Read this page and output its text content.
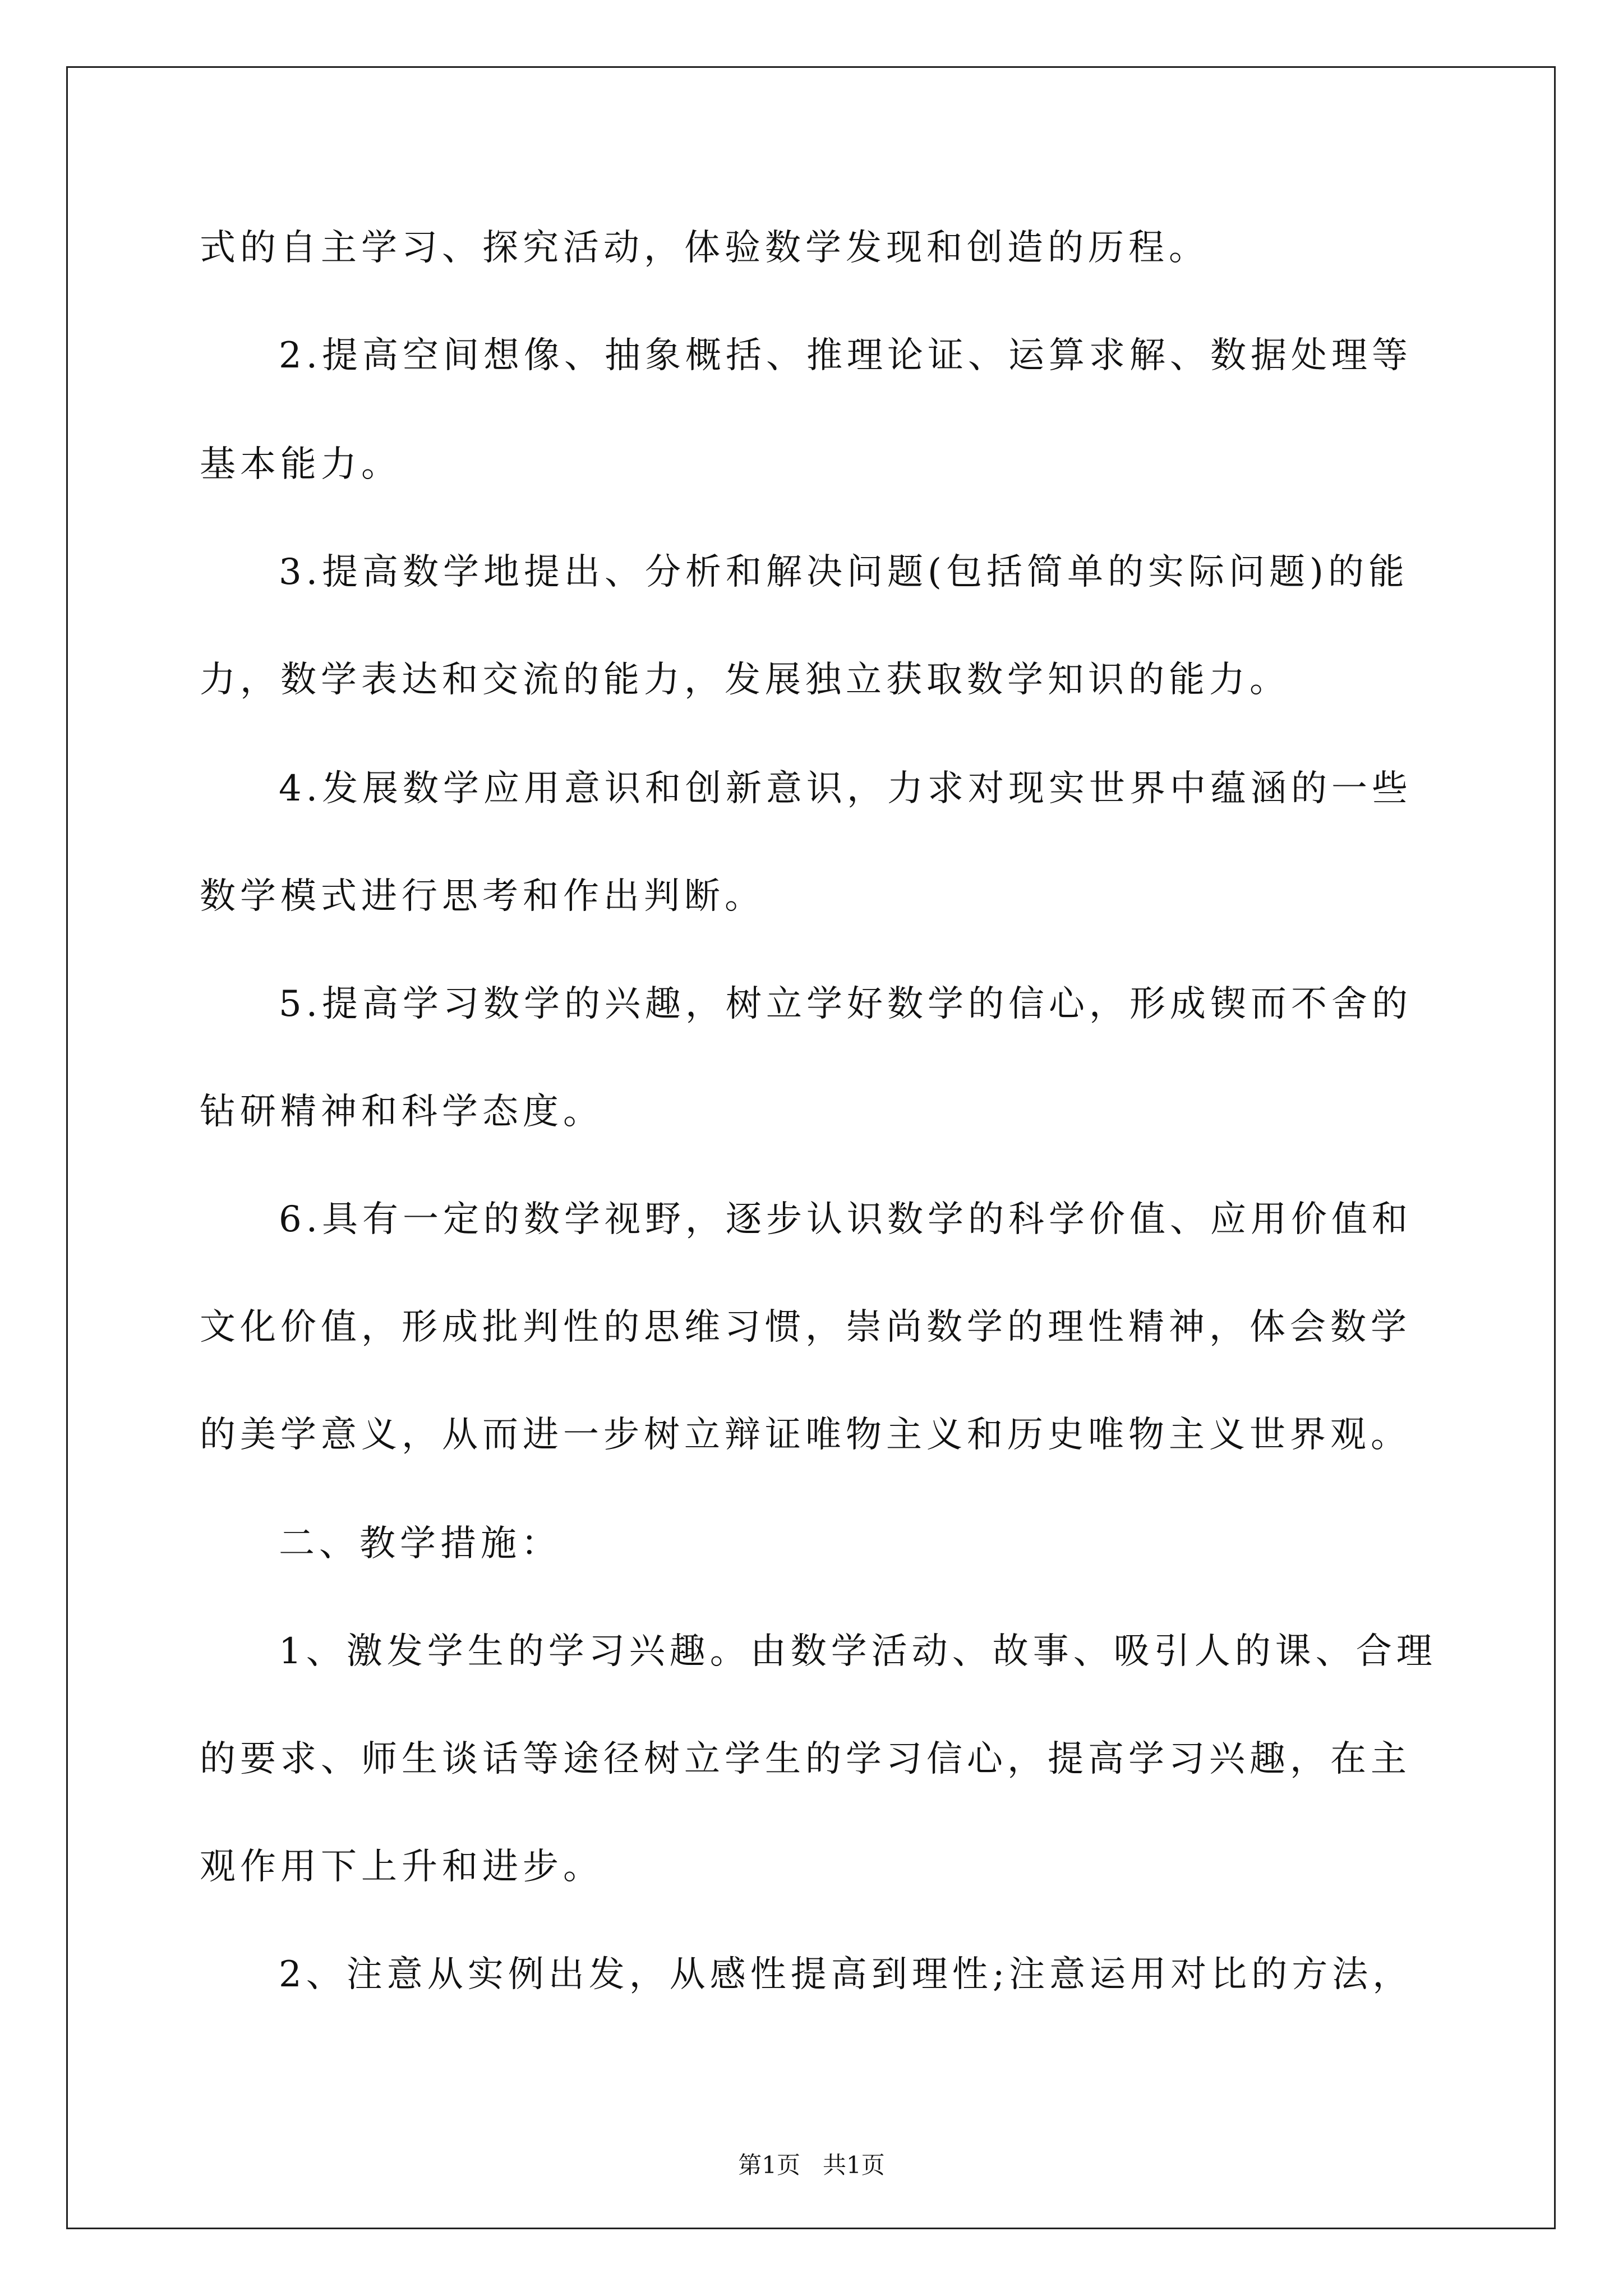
式的自主学习、探究活动，体验数学发现和创造的历程。
2.提高空间想像、抽象概括、推理论证、运算求解、数据处理等
基本能力。
3.提高数学地提出、分析和解决问题(包括简单的实际问题)的能
力，数学表达和交流的能力，发展独立获取数学知识的能力。
4.发展数学应用意识和创新意识，力求对现实世界中蕴涵的一些
数学模式进行思考和作出判断。
5.提高学习数学的兴趣，树立学好数学的信心，形成锲而不舍的
钻研精神和科学态度。
6.具有一定的数学视野，逐步认识数学的科学价值、应用价值和
文化价值，形成批判性的思维习惯，崇尚数学的理性精神，体会数学
的美学意义，从而进一步树立辩证唯物主义和历史唯物主义世界观。
二、教学措施：
1、激发学生的学习兴趣。由数学活动、故事、吸引人的课、合理
的要求、师生谈话等途径树立学生的学习信心，提高学习兴趣，在主
观作用下上升和进步。
2、注意从实例出发，从感性提高到理性;注意运用对比的方法，
第1页   共1页
